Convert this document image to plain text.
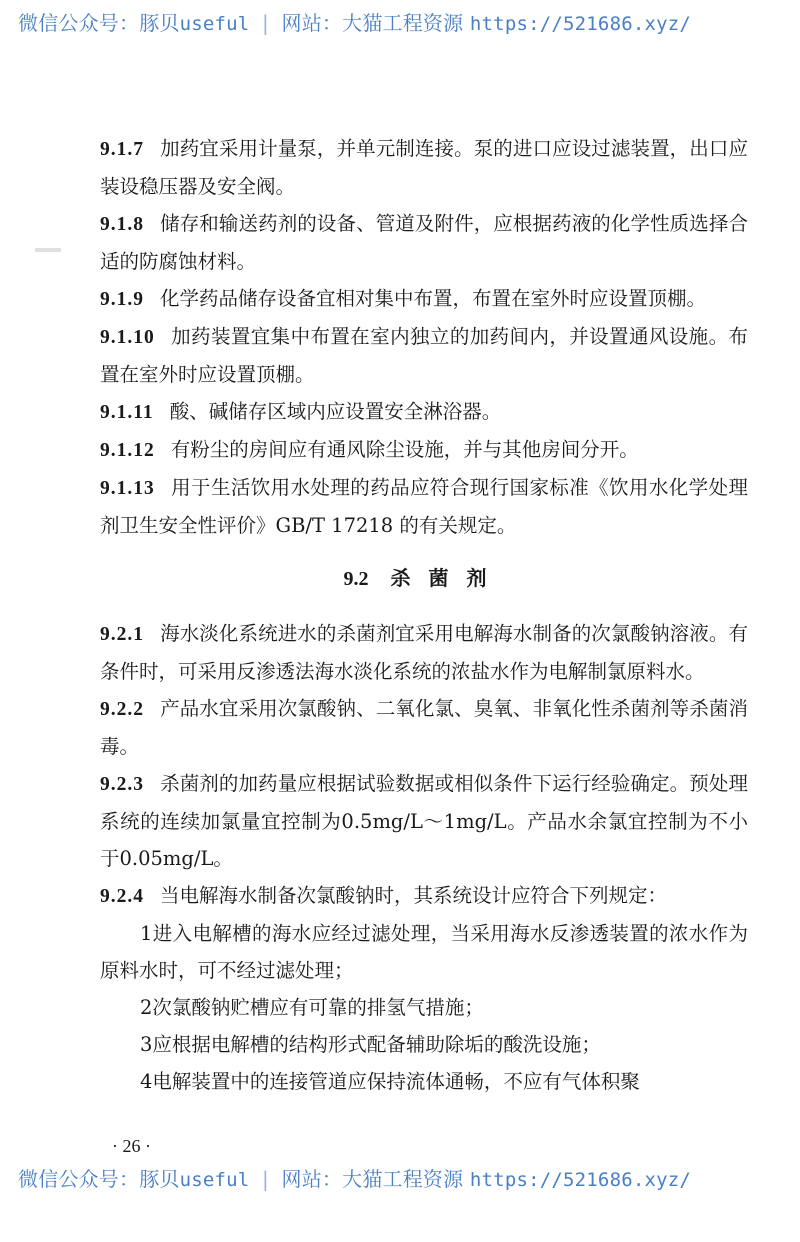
微信公众号：豚贝useful | 网站：大猫工程资源 https://521686.xyz/

9.1.7 加药宜采用计量泵，并单元制连接。泵的进口应设过滤装置，出口应装设稳压器及安全阀。

9.1.8 储存和输送药剂的设备、管道及附件，应根据药液的化学性质选择合适的防腐蚀材料。

9.1.9 化学药品储存设备宜相对集中布置，布置在室外时应设置顶棚。

9.1.10 加药装置宜集中布置在室内独立的加药间内，并设置通风设施。布置在室外时应设置顶棚。

9.1.11 酸、碱储存区域内应设置安全淋浴器。

9.1.12 有粉尘的房间应有通风除尘设施，并与其他房间分开。

9.1.13 用于生活饮用水处理的药品应符合现行国家标准《饮用水化学处理剂卫生安全性评价》GB/T 17218 的有关规定。

9.2 杀菌剂

9.2.1 海水淡化系统进水的杀菌剂宜采用电解海水制备的次氯酸钠溶液。有条件时，可采用反渗透法海水淡化系统的浓盐水作为电解制氯原料水。

9.2.2 产品水宜采用次氯酸钠、二氧化氯、臭氧、非氧化性杀菌剂等杀菌消毒。

9.2.3 杀菌剂的加药量应根据试验数据或相似条件下运行经验确定。预处理系统的连续加氯量宜控制为0.5mg/L～1mg/L。产品水余氯宜控制为不小于0.05mg/L。

9.2.4 当电解海水制备次氯酸钠时，其系统设计应符合下列规定：

1进入电解槽的海水应经过滤处理，当采用海水反渗透装置的浓水作为原料水时，可不经过滤处理；

2次氯酸钠贮槽应有可靠的排氢气措施；

3应根据电解槽的结构形式配备辅助除垢的酸洗设施；

4电解装置中的连接管道应保持流体通畅，不应有气体积聚

· 26 ·
微信公众号：豚贝useful | 网站：大猫工程资源 https://521686.xyz/
